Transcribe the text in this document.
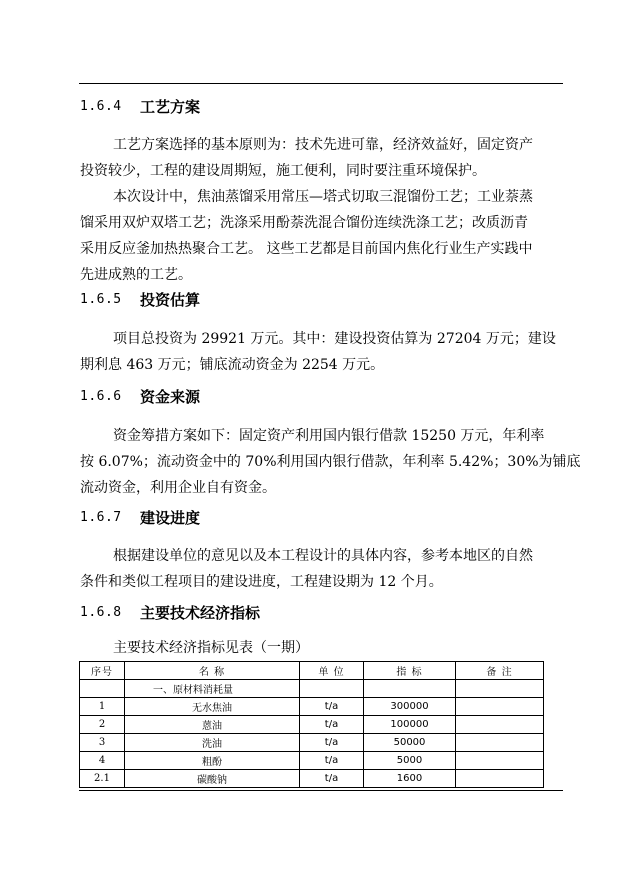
1.6.4	工艺方案

工艺方案选择的基本原则为：技术先进可靠，经济效益好，固定资产
投资较少，工程的建设周期短，施工便利，同时要注重环境保护。
本次设计中，焦油蒸馏采用常压—塔式切取三混馏份工艺；工业萘蒸
馏采用双炉双塔工艺；洗涤采用酚萘洗混合馏份连续洗涤工艺；改质沥青
采用反应釜加热热聚合工艺。 这些工艺都是目前国内焦化行业生产实践中
先进成熟的工艺。

1.6.5	投资估算

项目总投资为 29921 万元。其中：建设投资估算为 27204 万元；建设
期利息 463 万元；铺底流动资金为 2254 万元。

1.6.6	资金来源

资金筹措方案如下：固定资产利用国内银行借款 15250 万元，年利率
按 6.07%；流动资金中的 70%利用国内银行借款，年利率 5.42%；30%为铺底
流动资金，利用企业自有资金。

1.6.7	建设进度

根据建设单位的意见以及本工程设计的具体内容，参考本地区的自然
条件和类似工程项目的建设进度，工程建设期为 12 个月。

1.6.8	主要技术经济指标
主要技术经济指标见表（一期）
序号	名 称	单 位	指 标	备 注
	一、原材料消耗量			
1	无水焦油	t/a	300000	
2	蒽油	t/a	100000	
3	洗油	t/a	50000	
4	粗酚	t/a	5000	
2.1	碳酸钠	t/a	1600	
